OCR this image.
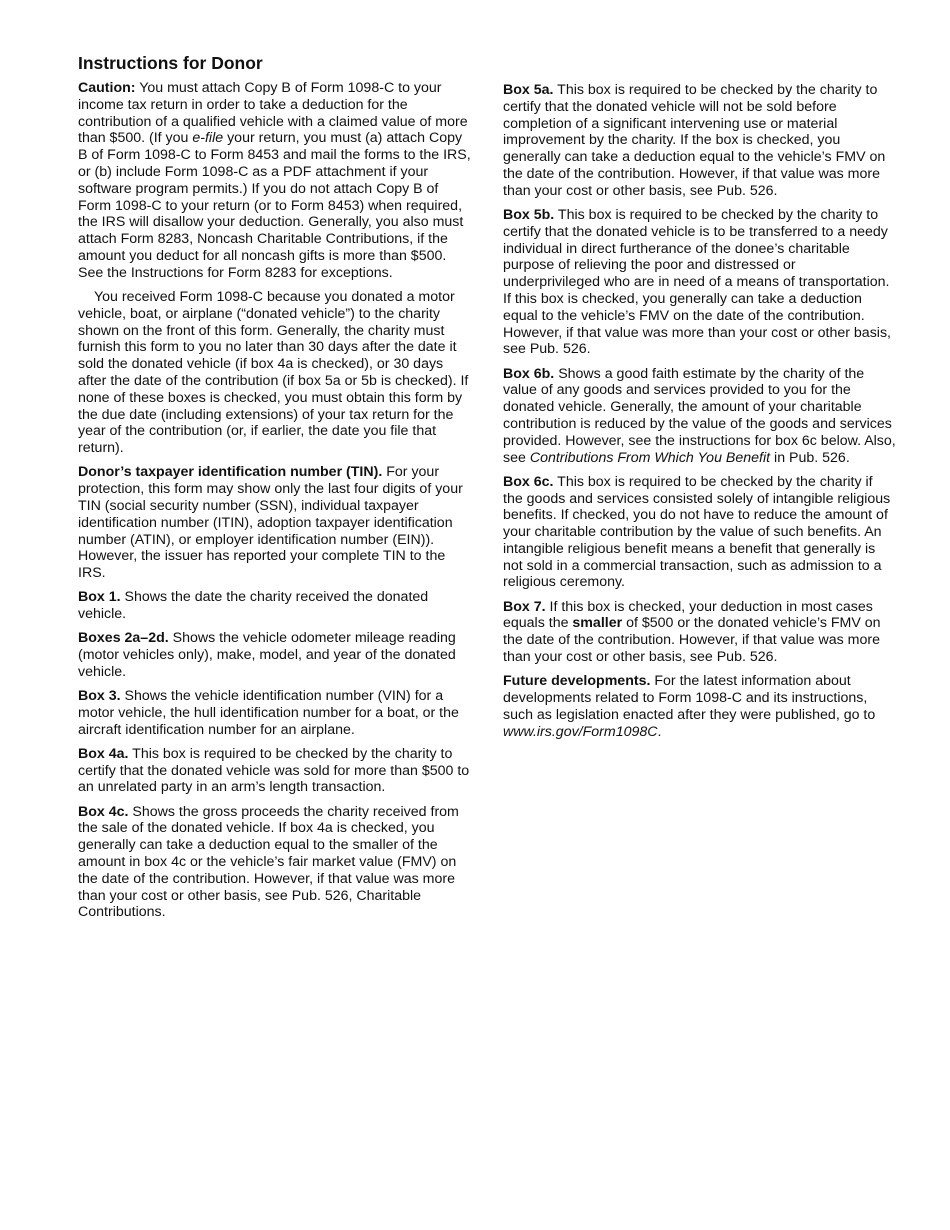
Instructions for Donor

Caution: You must attach Copy B of Form 1098-C to your income tax return in order to take a deduction for the contribution of a qualified vehicle with a claimed value of more than $500. (If you e-file your return, you must (a) attach Copy B of Form 1098-C to Form 8453 and mail the forms to the IRS, or (b) include Form 1098-C as a PDF attachment if your software program permits.) If you do not attach Copy B of Form 1098-C to your return (or to Form 8453) when required, the IRS will disallow your deduction. Generally, you also must attach Form 8283, Noncash Charitable Contributions, if the amount you deduct for all noncash gifts is more than $500. See the Instructions for Form 8283 for exceptions.

You received Form 1098-C because you donated a motor vehicle, boat, or airplane (“donated vehicle”) to the charity shown on the front of this form. Generally, the charity must furnish this form to you no later than 30 days after the date it sold the donated vehicle (if box 4a is checked), or 30 days after the date of the contribution (if box 5a or 5b is checked). If none of these boxes is checked, you must obtain this form by the due date (including extensions) of your tax return for the year of the contribution (or, if earlier, the date you file that return).

Donor’s taxpayer identification number (TIN). For your protection, this form may show only the last four digits of your TIN (social security number (SSN), individual taxpayer identification number (ITIN), adoption taxpayer identification number (ATIN), or employer identification number (EIN)). However, the issuer has reported your complete TIN to the IRS.

Box 1. Shows the date the charity received the donated vehicle.

Boxes 2a–2d. Shows the vehicle odometer mileage reading (motor vehicles only), make, model, and year of the donated vehicle.

Box 3. Shows the vehicle identification number (VIN) for a motor vehicle, the hull identification number for a boat, or the aircraft identification number for an airplane.

Box 4a. This box is required to be checked by the charity to certify that the donated vehicle was sold for more than $500 to an unrelated party in an arm’s length transaction.

Box 4c. Shows the gross proceeds the charity received from the sale of the donated vehicle. If box 4a is checked, you generally can take a deduction equal to the smaller of the amount in box 4c or the vehicle’s fair market value (FMV) on the date of the contribution. However, if that value was more than your cost or other basis, see Pub. 526, Charitable Contributions.

Box 5a. This box is required to be checked by the charity to certify that the donated vehicle will not be sold before completion of a significant intervening use or material improvement by the charity. If the box is checked, you generally can take a deduction equal to the vehicle’s FMV on the date of the contribution. However, if that value was more than your cost or other basis, see Pub. 526.

Box 5b. This box is required to be checked by the charity to certify that the donated vehicle is to be transferred to a needy individual in direct furtherance of the donee’s charitable purpose of relieving the poor and distressed or underprivileged who are in need of a means of transportation. If this box is checked, you generally can take a deduction equal to the vehicle’s FMV on the date of the contribution. However, if that value was more than your cost or other basis, see Pub. 526.

Box 6b. Shows a good faith estimate by the charity of the value of any goods and services provided to you for the donated vehicle. Generally, the amount of your charitable contribution is reduced by the value of the goods and services provided. However, see the instructions for box 6c below. Also, see Contributions From Which You Benefit in Pub. 526.

Box 6c. This box is required to be checked by the charity if the goods and services consisted solely of intangible religious benefits. If checked, you do not have to reduce the amount of your charitable contribution by the value of such benefits. An intangible religious benefit means a benefit that generally is not sold in a commercial transaction, such as admission to a religious ceremony.

Box 7. If this box is checked, your deduction in most cases equals the smaller of $500 or the donated vehicle’s FMV on the date of the contribution. However, if that value was more than your cost or other basis, see Pub. 526.

Future developments. For the latest information about developments related to Form 1098-C and its instructions, such as legislation enacted after they were published, go to www.irs.gov/Form1098C.
